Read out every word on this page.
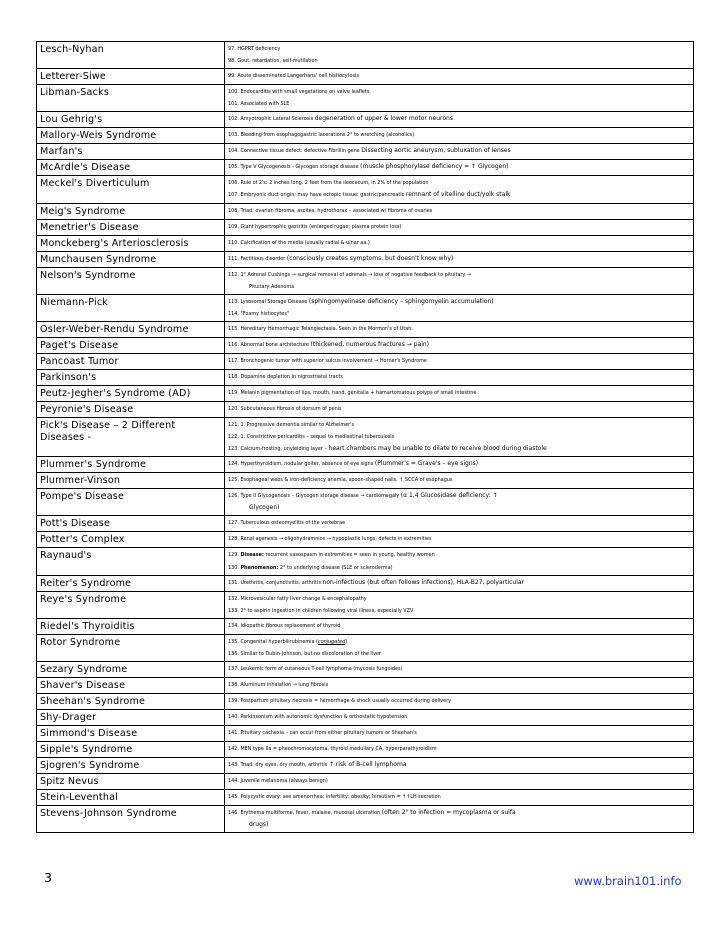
Lesch-Nyhan	97. HGPRT deficiency
98. Gout, retardation, self-mutilation

Letterer-Siwe	99. Acute disseminated Langerhans' cell histiocytosis

Libman-Sacks	100. Endocarditis with small vegetations on valve leaflets
101. Associated with SLE

Lou Gehrig's	102. Amyotrophic Lateral Sclerosis degeneration of upper & lower motor neurons

Mallory-Weis Syndrome	103. Bleeding from esophagogastric lacerations 2° to wretching (alcoholics)

Marfan's	104. Connective tissue defect: defective Fibrillin gene Dissecting aortic aneurysm, subluxation of lenses

McArdle's Disease	105. Type V Glycogenosis - Glycogen storage disease (muscle phosphorylase deficiency = ↑ Glycogen)

Meckel's Diverticulum	106. Rule of 2's: 2 inches long, 2 feet from the ileocecum, in 2% of the population
107. Embryonic duct origin; may have ectopic tissue: gastric/pancreatic remnant of vitelline duct/yolk stalk

Meig's Syndrome	108. Triad: ovarian fibroma, ascites, hydrothorax – associated w/ fibroma of ovaries

Menetrier's Disease	109. Giant hypertrophic gastritis (enlarged rugae; plasma protein loss)

Monckeberg's Arteriosclerosis	110. Calcification of the media (usually radial & ulnar aa.)

Munchausen Syndrome	111. Factitious disorder (consciously creates symptoms, but doesn't know why)

Nelson's Syndrome	112. 1° Adrenal Cushings → surgical removal of adrenals → loss of negative feedback to pituitary →
Pituitary Adenoma

Niemann-Pick	113. Lysosomal Storage Disease (sphingomyelinase deficiency – sphingomyelin accumulation)
114. "Foamy histiocytes"

Osler-Weber-Rendu Syndrome	115. Hereditary Hemorrhagic Telangiectasia. Seen in the Mormon's of Utah.

Paget's Disease	116. Abnormal bone architecture (thickened, numerous fractures → pain)

Pancoast Tumor	117. Bronchogenic tumor with superior sulcus involvement → Horner's Syndrome

Parkinson's	118. Dopamine depletion in nigrostriatal tracts

Peutz-Jegher's Syndrome (AD)	119. Melanin pigmentation of lips, mouth, hand, genitalia + hamartomatous polyps of small intestine

Peyronie's Disease	120. Subcutaneous fibrosis of dorsum of penis

Pick's Disease – 2 Different Diseases -	121. 1. Progressive dementia similar to Alzheimer's
122. 1. Constrictive pericarditis – sequel to mediastinal tuberculosis
123. Calcium-frosting, unyielding layer – heart chambers may be unable to dilate to receive blood during diastole

Plummer's Syndrome	124. Hyperthyroidism, nodular goiter, absence of eye signs (Plummer's = Grave's – eye signs)

Plummer-Vinson	125. Esophageal webs & iron-deficiency anemia, spoon-shaped nails, ↑ SCCA of esophagus

Pompe's Disease	126. Type II Glycogenosis – Glycogen storage disease → cardiomegaly (α 1,4 Glucosidase deficiency: ↑
Glycogen)

Pott's Disease	127. Tuberculous osteomyelitis of the vertebrae

Potter's Complex	128. Renal agenesis → oligohydramnios → hypoplastic lungs, defects in extremities

Raynaud's	129. Disease: recurrent vasospasm in extremities = seen in young, healthy women
130. Phenomenon: 2° to underlying disease (SLE or scleroderma)

Reiter's Syndrome	131. Urethritis, conjunctivitis, arthritis non-infectious (but often follows infections), HLA-B27, polyarticular

Reye's Syndrome	132. Microvesicular fatty liver change & encephalopathy
133. 2° to aspirin ingestion in children following viral illness, especially VZV

Riedel's Thyroiditis	134. Idiopathic fibrous replacement of thyroid

Rotor Syndrome	135. Congenital hyperbilirubinemia (conjugated)
136. Similar to Dubin-Johnson, but no discoloration of the liver

Sezary Syndrome	137. Leukemic form of cutaneous T-cell lymphoma (mycosis fungoides)

Shaver's Disease	138. Aluminum inhalation → lung fibrosis

Sheehan's Syndrome	139. Postpartum pituitary necrosis = hemorrhage & shock usually occurred during delivery

Shy-Drager	140. Parkinsonism with autonomic dysfunction & orthostatic hypotension

Simmond's Disease	141. Pituitary cachexia – can occur from either pituitary tumors or Sheehan's

Sipple's Syndrome	142. MEN type IIa = pheochromocytoma, thyroid medullary CA, hyperparathyroidism

Sjogren's Syndrome	143. Triad: dry eyes, dry mouth, arthritis ↑ risk of B-cell lymphoma

Spitz Nevus	144. Juvenile melanoma (always benign)

Stein-Leventhal	145. Polycystic ovary: see amenorrhea; infertility; obesity; hirsutism = ↑↑LH secretion

Stevens-Johnson Syndrome	146. Erythema multiforme, fever, malaise, mucosal ulceration (often 2° to infection = mycoplasma or sulfa
drugs)
3	www.brain101.info
